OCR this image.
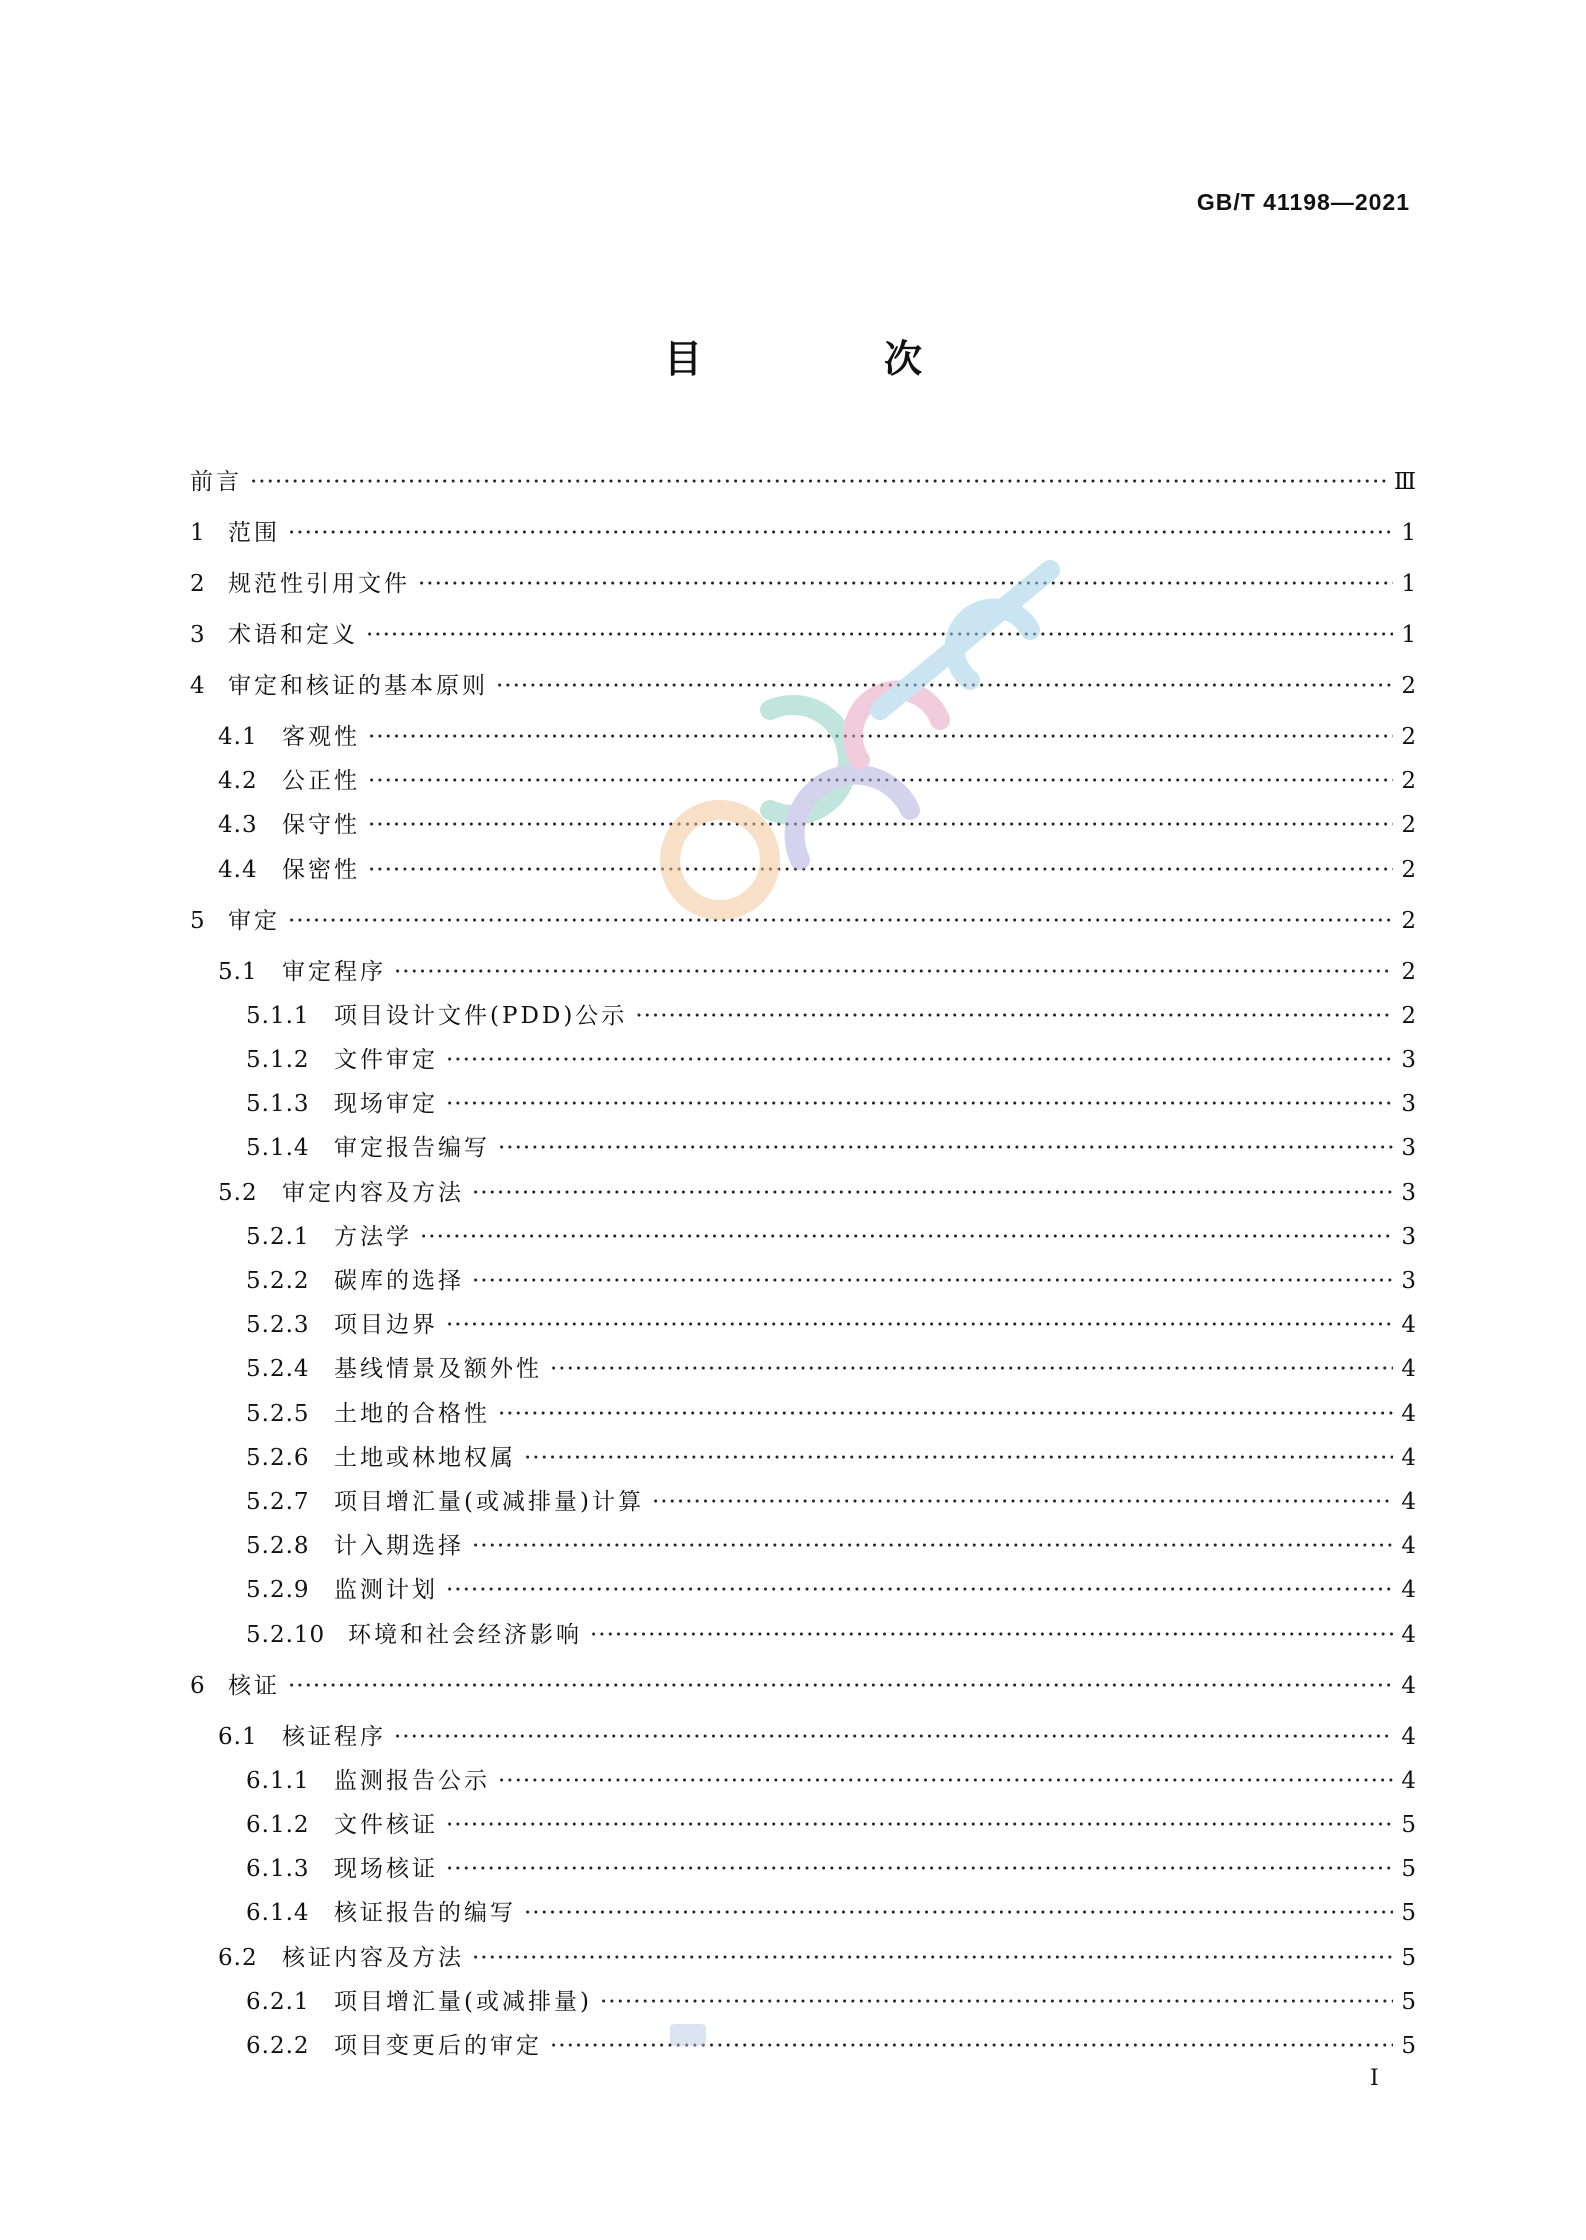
GB/T 41198—2021
目　次
前言 ·····	Ⅲ
1 范围 ·····	1
2 规范性引用文件 ·····	1
3 术语和定义 ·····	1
4 审定和核证的基本原则 ·····	2
4.1	客观性 ·····	2
4.2	公正性 ·····	2
4.3	保守性 ·····	2
4.4	保密性 ·····	2
5 审定 ·····	2
5.1	审定程序 ·····	2
5.1.1	项目设计文件(PDD)公示 ·····	2
5.1.2	文件审定 ·····	3
5.1.3	现场审定 ·····	3
5.1.4	审定报告编写 ·····	3
5.2	审定内容及方法 ·····	3
5.2.1	方法学 ·····	3
5.2.2	碳库的选择 ·····	3
5.2.3	项目边界 ·····	4
5.2.4	基线情景及额外性 ·····	4
5.2.5	土地的合格性 ·····	4
5.2.6	土地或林地权属 ·····	4
5.2.7	项目增汇量(或减排量)计算 ·····	4
5.2.8	计入期选择 ·····	4
5.2.9	监测计划 ·····	4
5.2.10 环境和社会经济影响 ·····	4
6 核证 ·····	4
6.1	核证程序 ·····	4
6.1.1	监测报告公示 ·····	4
6.1.2	文件核证 ·····	5
6.1.3	现场核证 ·····	5
6.1.4	核证报告的编写 ·····	5
6.2	核证内容及方法 ·····	5
6.2.1	项目增汇量(或减排量) ·····	5
6.2.2	项目变更后的审定 ·····	5
I
